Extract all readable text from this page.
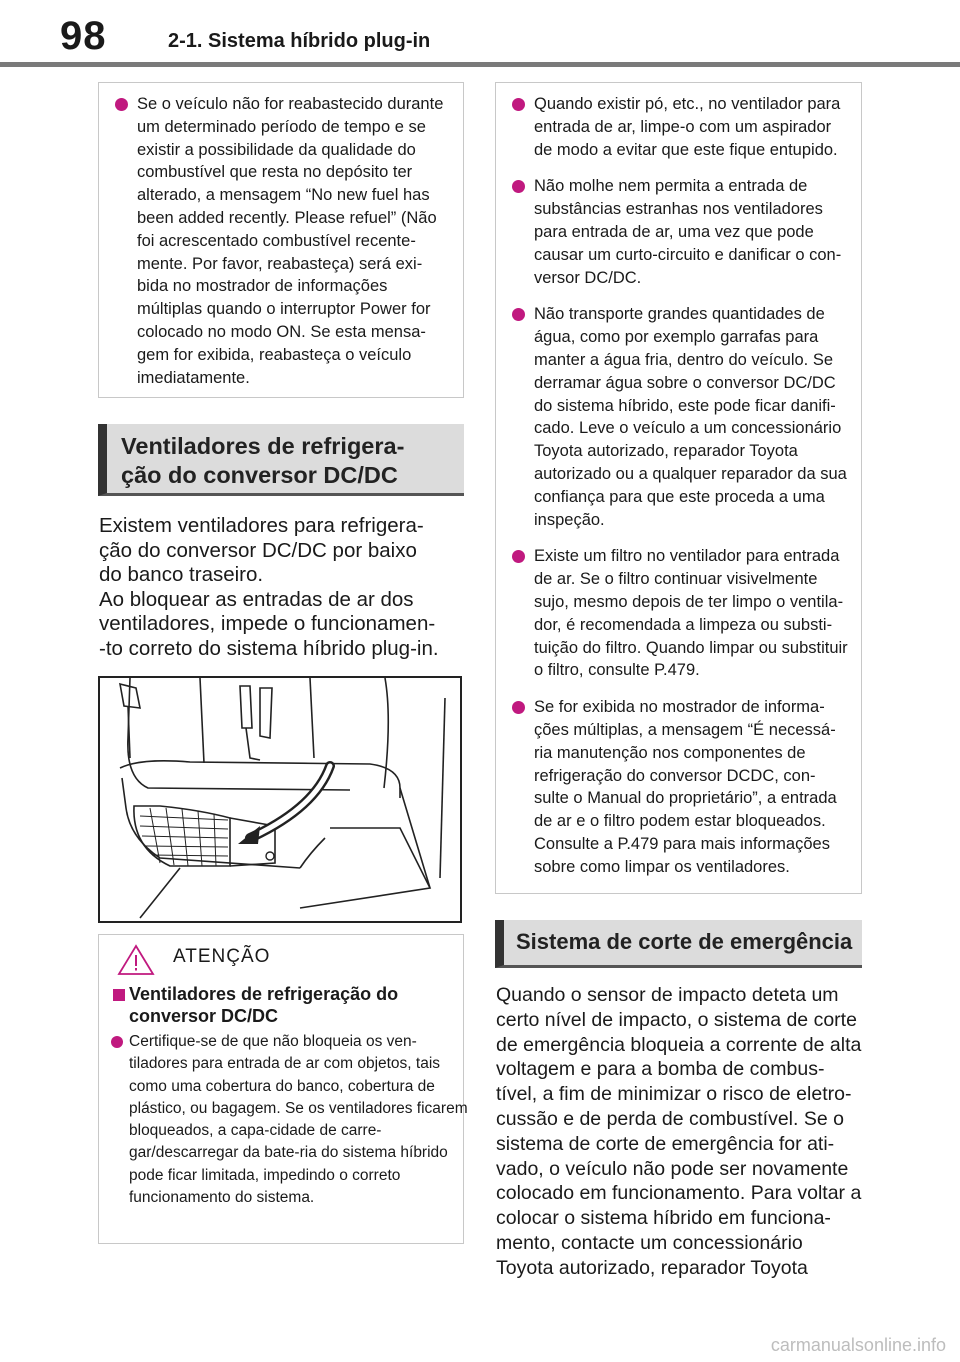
98	2-1. Sistema híbrido plug-in
Se o veículo não for reabastecido durante um determinado período de tempo e se existir a possibilidade da qualidade do combustível que resta no depósito ter alterado, a mensagem “No new fuel has been added recently. Please refuel” (Não foi acrescentado combustível recente-mente. Por favor, reabasteça) será exi-bida no mostrador de informações múltiplas quando o interruptor Power for colocado no modo ON. Se esta mensa-gem for exibida, reabasteça o veículo imediatamente.
Ventiladores de refrigera-
ção do conversor DC/DC

Existem ventiladores para refrigera-

ção do conversor DC/DC por baixo

do banco traseiro.

Ao bloquear as entradas de ar dos

ventiladores, impede o funcionamen-

-to correto do sistema híbrido plug-in.

ATENÇÃO
Ventiladores de refrigeração do
conversor DC/DC
Certifique-se de que não bloqueia os ven-tiladores para entrada de ar com objetos, tais como uma cobertura do banco, cobertura de plástico, ou bagagem. Se os ventiladores ficarem bloqueados, a capa-cidade de carre- gar/descarregar da bate-ria do sistema híbrido pode ficar limitada, impedindo o correto funcionamento do sistema.
Quando existir pó, etc., no ventilador para entrada de ar, limpe-o com um aspirador de modo a evitar que este fique entupido.
Não molhe nem permita a entrada de substâncias estranhas nos ventiladores para entrada de ar, uma vez que pode causar um curto-circuito e danificar o con-versor DC/DC.
Não transporte grandes quantidades de água, como por exemplo garrafas para manter a água fria, dentro do veículo. Se derramar água sobre o conversor DC/DC do sistema híbrido, este pode ficar danifi-cado. Leve o veículo a um concessionário Toyota autorizado, reparador Toyota autorizado ou a qualquer reparador da sua confiança para que este proceda a uma inspeção.
Existe um filtro no ventilador para entrada de ar. Se o filtro continuar visivelmente sujo, mesmo depois de ter limpo o ventila-dor, é recomendada a limpeza ou substi-tuição do filtro. Quando limpar ou substituir o filtro, consulte P.479.
Se for exibida no mostrador de informa-ções múltiplas, a mensagem “É necessá-ria manutenção nos componentes de refrigeração do conversor DCDC, con-sulte o Manual do proprietário”, a entrada de ar e o filtro podem estar bloqueados. Consulte a P.479 para mais informações sobre como limpar os ventiladores.
Sistema de corte de emergência

Quando o sensor de impacto deteta um certo nível de impacto, o sistema de corte de emergência bloqueia a corrente de alta voltagem e para a bomba de combus-tível, a fim de minimizar o risco de eletro-cussão e de perda de combustível. Se o sistema de corte de emergência for ati-vado, o veículo não pode ser novamente colocado em funcionamento. Para voltar a colocar o sistema híbrido em funciona-mento, contacte um concessionário Toyota autorizado, reparador Toyota

carmanualsonline.info
